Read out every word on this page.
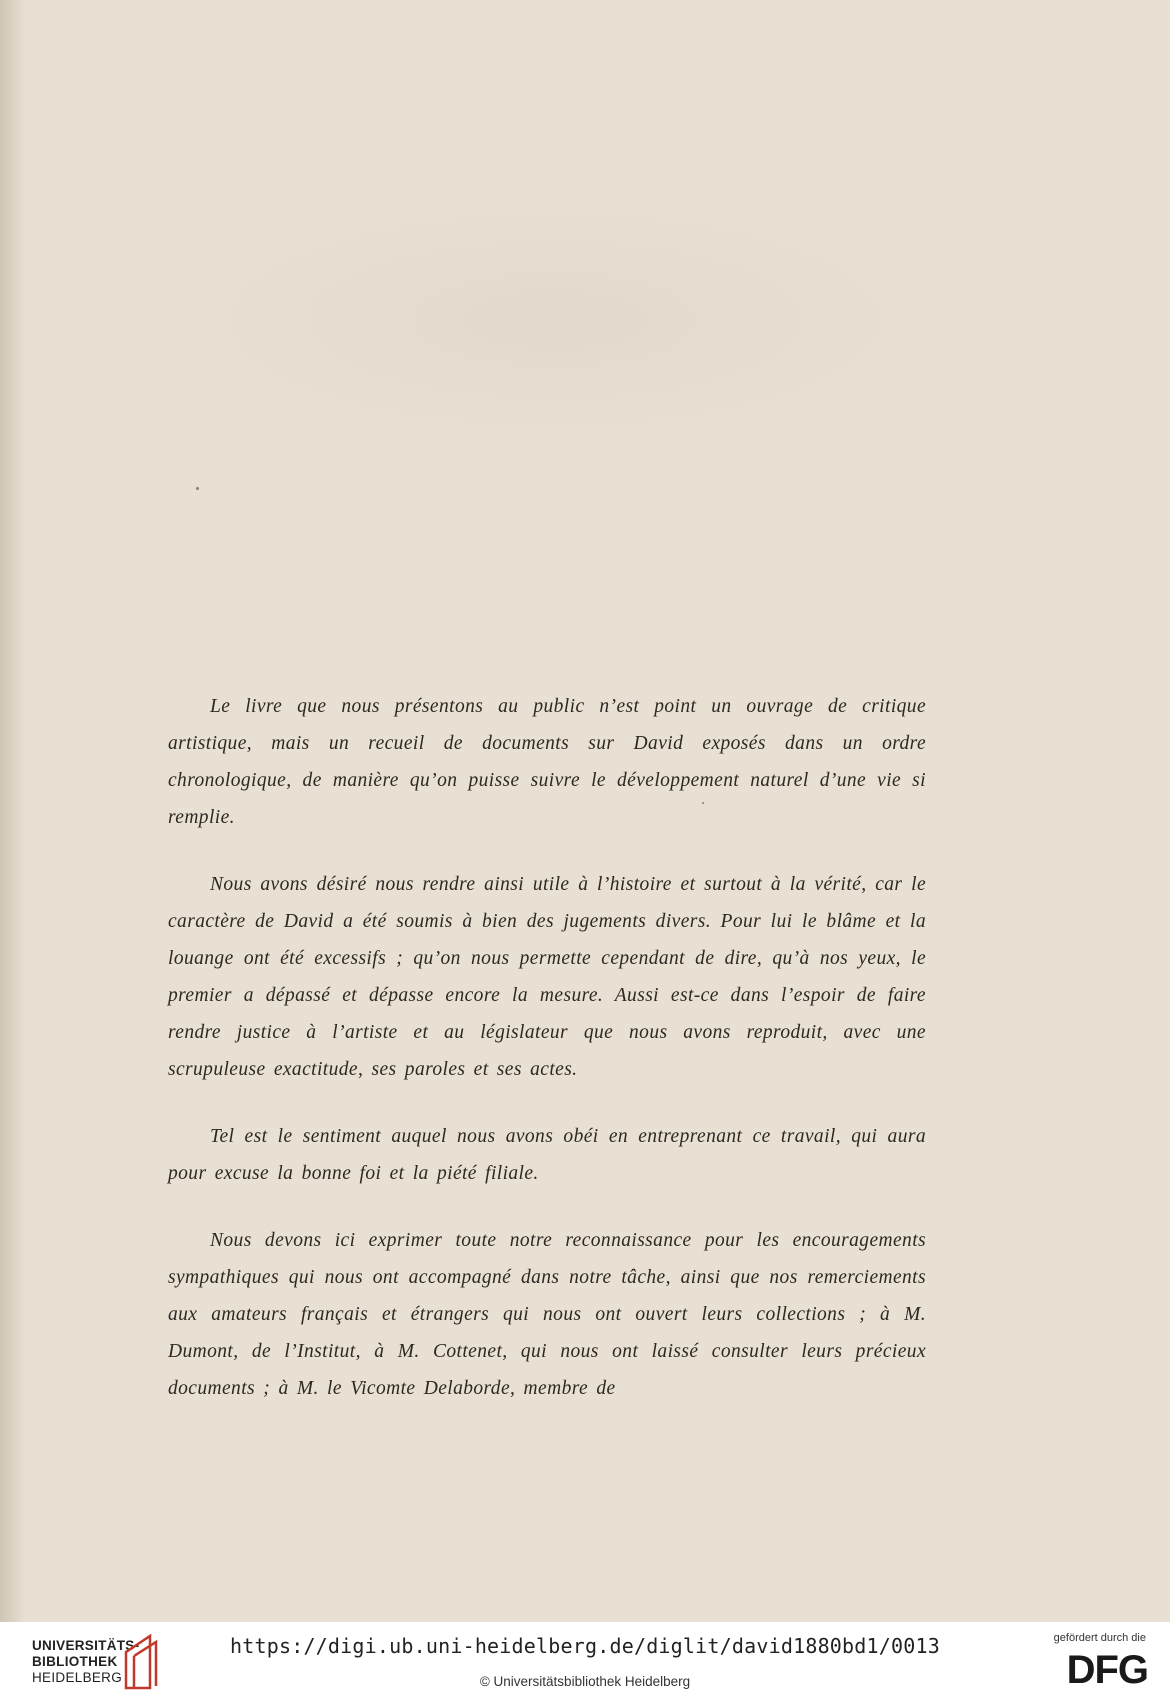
Le livre que nous présentons au public n’est point un ouvrage de critique artistique, mais un recueil de documents sur David exposés dans un ordre chronologique, de manière qu’on puisse suivre le développement naturel d’une vie si remplie.

Nous avons désiré nous rendre ainsi utile à l’histoire et surtout à la vérité, car le caractère de David a été soumis à bien des jugements divers. Pour lui le blâme et la louange ont été excessifs ; qu’on nous permette cependant de dire, qu’à nos yeux, le premier a dépassé et dépasse encore la mesure. Aussi est-ce dans l’espoir de faire rendre justice à l’artiste et au législateur que nous avons reproduit, avec une scrupuleuse exactitude, ses paroles et ses actes.

Tel est le sentiment auquel nous avons obéi en entreprenant ce travail, qui aura pour excuse la bonne foi et la piété filiale.

Nous devons ici exprimer toute notre reconnaissance pour les encouragements sympathiques qui nous ont accompagné dans notre tâche, ainsi que nos remerciements aux amateurs français et étrangers qui nous ont ouvert leurs collections ; à M. Dumont, de l’Institut, à M. Cottenet, qui nous ont laissé consulter leurs précieux documents ; à M. le Vicomte Delaborde, membre de

UNIVERSITÄTS-
BIBLIOTHEK
HEIDELBERG
https://digi.ub.uni-heidelberg.de/diglit/david1880bd1/0013
© Universitätsbibliothek Heidelberg
gefördert durch die
DFG
